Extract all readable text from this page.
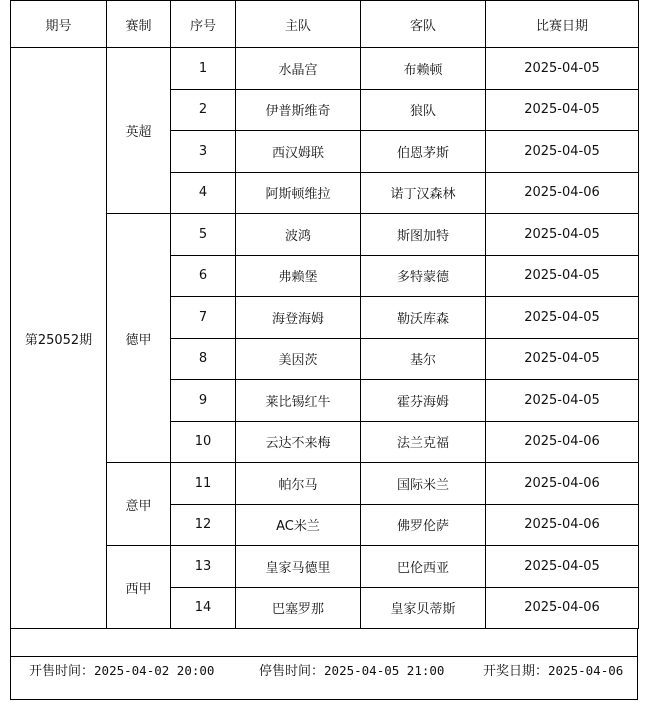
期号	赛制	序号	主队	客队	比赛日期
第25052期	英超	1	水晶宫	布赖顿	2025-04-05
		2	伊普斯维奇	狼队	2025-04-05
		3	西汉姆联	伯恩茅斯	2025-04-05
		4	阿斯顿维拉	诺丁汉森林	2025-04-06
	德甲	5	波鸿	斯图加特	2025-04-05
		6	弗赖堡	多特蒙德	2025-04-05
		7	海登海姆	勒沃库森	2025-04-05
		8	美因茨	基尔	2025-04-05
		9	莱比锡红牛	霍芬海姆	2025-04-05
		10	云达不来梅	法兰克福	2025-04-06
	意甲	11	帕尔马	国际米兰	2025-04-06
		12	AC米兰	佛罗伦萨	2025-04-06
	西甲	13	皇家马德里	巴伦西亚	2025-04-05
		14	巴塞罗那	皇家贝蒂斯	2025-04-06
开售时间：2025-04-02 20:00	停售时间：2025-04-05 21:00	开奖日期：2025-04-06
